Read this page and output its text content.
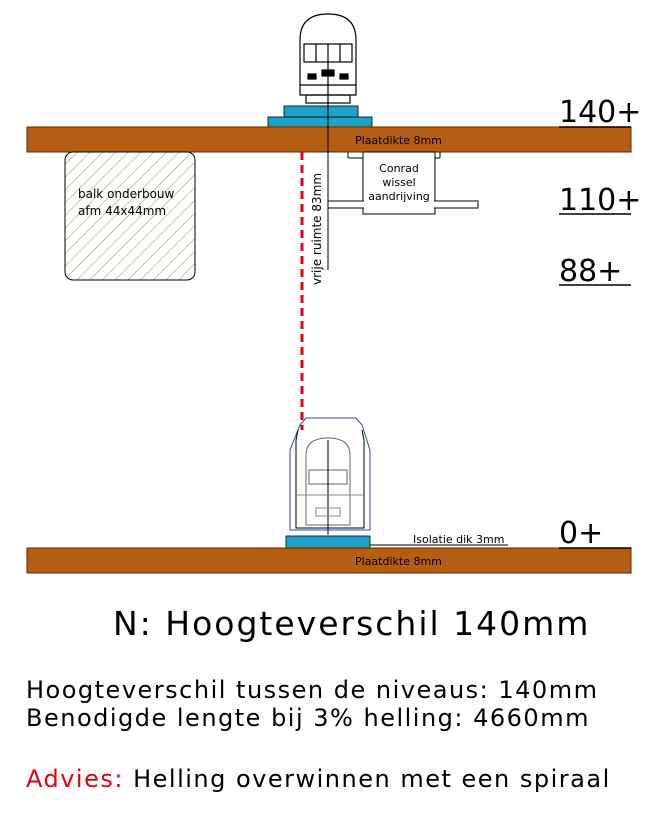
Plaatdikte 8mm
vrije ruimte 83mm
balk onderbouw
afm 44x44mm
Conrad
wissel
aandrijving
Isolatie dik 3mm
Plaatdikte 8mm
140+
110+
88+
0+
N: Hoogteverschil 140mm
Hoogteverschil tussen de niveaus: 140mm
Benodigde lengte bij 3% helling: 4660mm
Advies: Helling overwinnen met een spiraal
